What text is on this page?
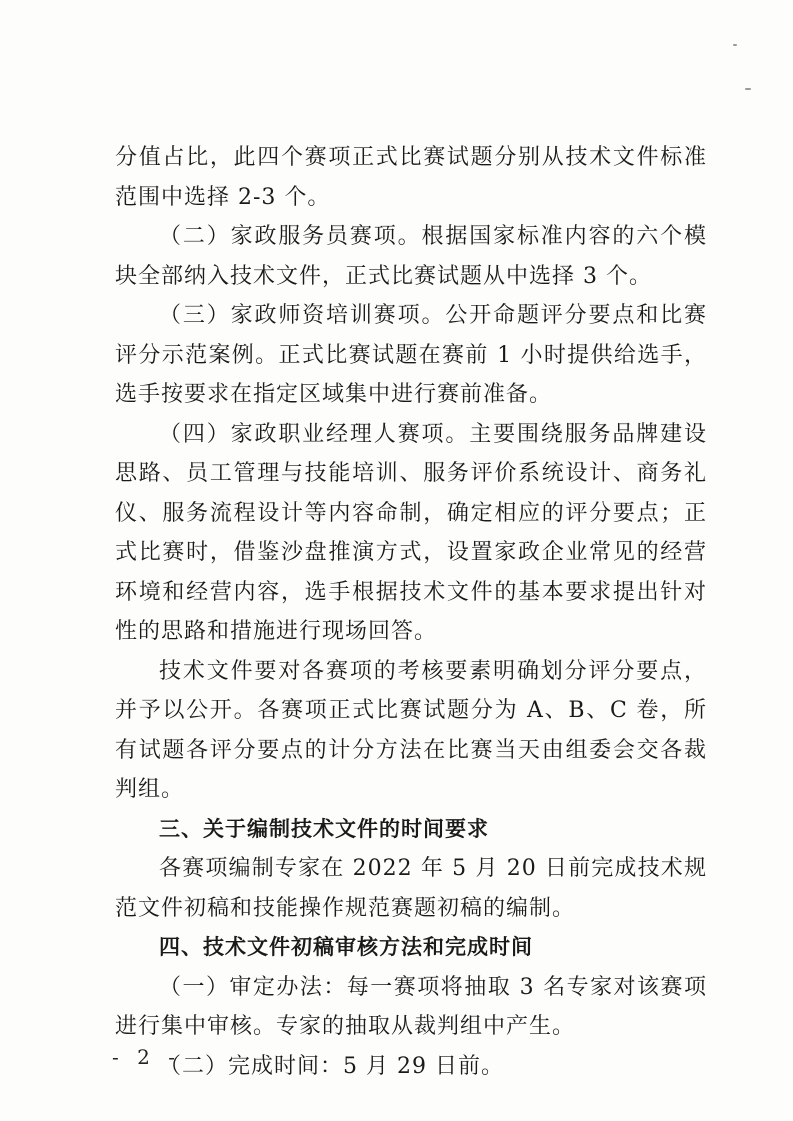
分值占比，此四个赛项正式比赛试题分别从技术文件标准范围中选择 2-3 个。

（二）家政服务员赛项。根据国家标准内容的六个模块全部纳入技术文件，正式比赛试题从中选择 3 个。

（三）家政师资培训赛项。公开命题评分要点和比赛评分示范案例。正式比赛试题在赛前 1 小时提供给选手，选手按要求在指定区域集中进行赛前准备。

（四）家政职业经理人赛项。主要围绕服务品牌建设思路、员工管理与技能培训、服务评价系统设计、商务礼仪、服务流程设计等内容命制，确定相应的评分要点；正式比赛时，借鉴沙盘推演方式，设置家政企业常见的经营环境和经营内容，选手根据技术文件的基本要求提出针对性的思路和措施进行现场回答。

技术文件要对各赛项的考核要素明确划分评分要点，并予以公开。各赛项正式比赛试题分为 A、B、C 卷，所有试题各评分要点的计分方法在比赛当天由组委会交各裁判组。

三、关于编制技术文件的时间要求

各赛项编制专家在 2022 年 5 月 20 日前完成技术规范文件初稿和技能操作规范赛题初稿的编制。

四、技术文件初稿审核方法和完成时间

（一）审定办法：每一赛项将抽取 3 名专家对该赛项进行集中审核。专家的抽取从裁判组中产生。

（二）完成时间：5 月 29 日前。

- 2 -
